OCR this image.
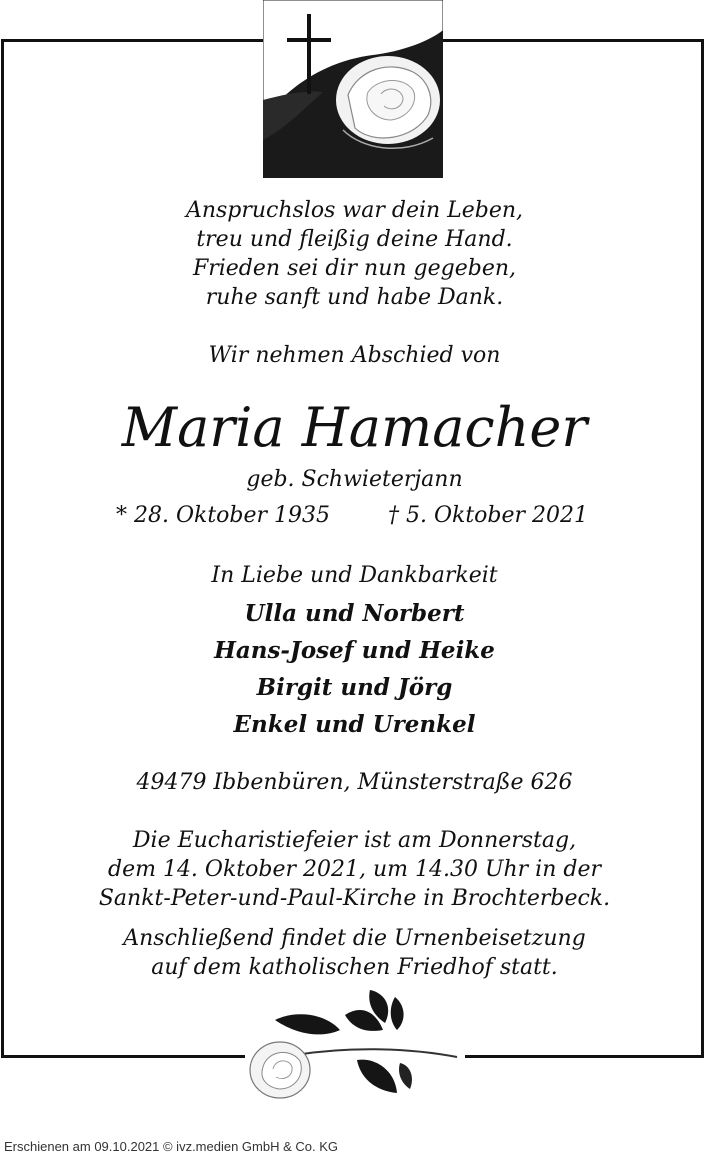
Anspruchslos war dein Leben,
treu und fleißig deine Hand.
Frieden sei dir nun gegeben,
ruhe sanft und habe Dank.
Wir nehmen Abschied von
Maria Hamacher
geb. Schwieterjann
* 28. Oktober 1935	† 5. Oktober 2021
In Liebe und Dankbarkeit
Ulla und Norbert
Hans-Josef und Heike
Birgit und Jörg
Enkel und Urenkel
49479 Ibbenbüren, Münsterstraße 626
Die Eucharistiefeier ist am Donnerstag,
dem 14. Oktober 2021, um 14.30 Uhr in der
Sankt-Peter-und-Paul-Kirche in Brochterbeck.
Anschließend findet die Urnenbeisetzung
auf dem katholischen Friedhof statt.
Erschienen am 09.10.2021 © ivz.medien GmbH & Co. KG
